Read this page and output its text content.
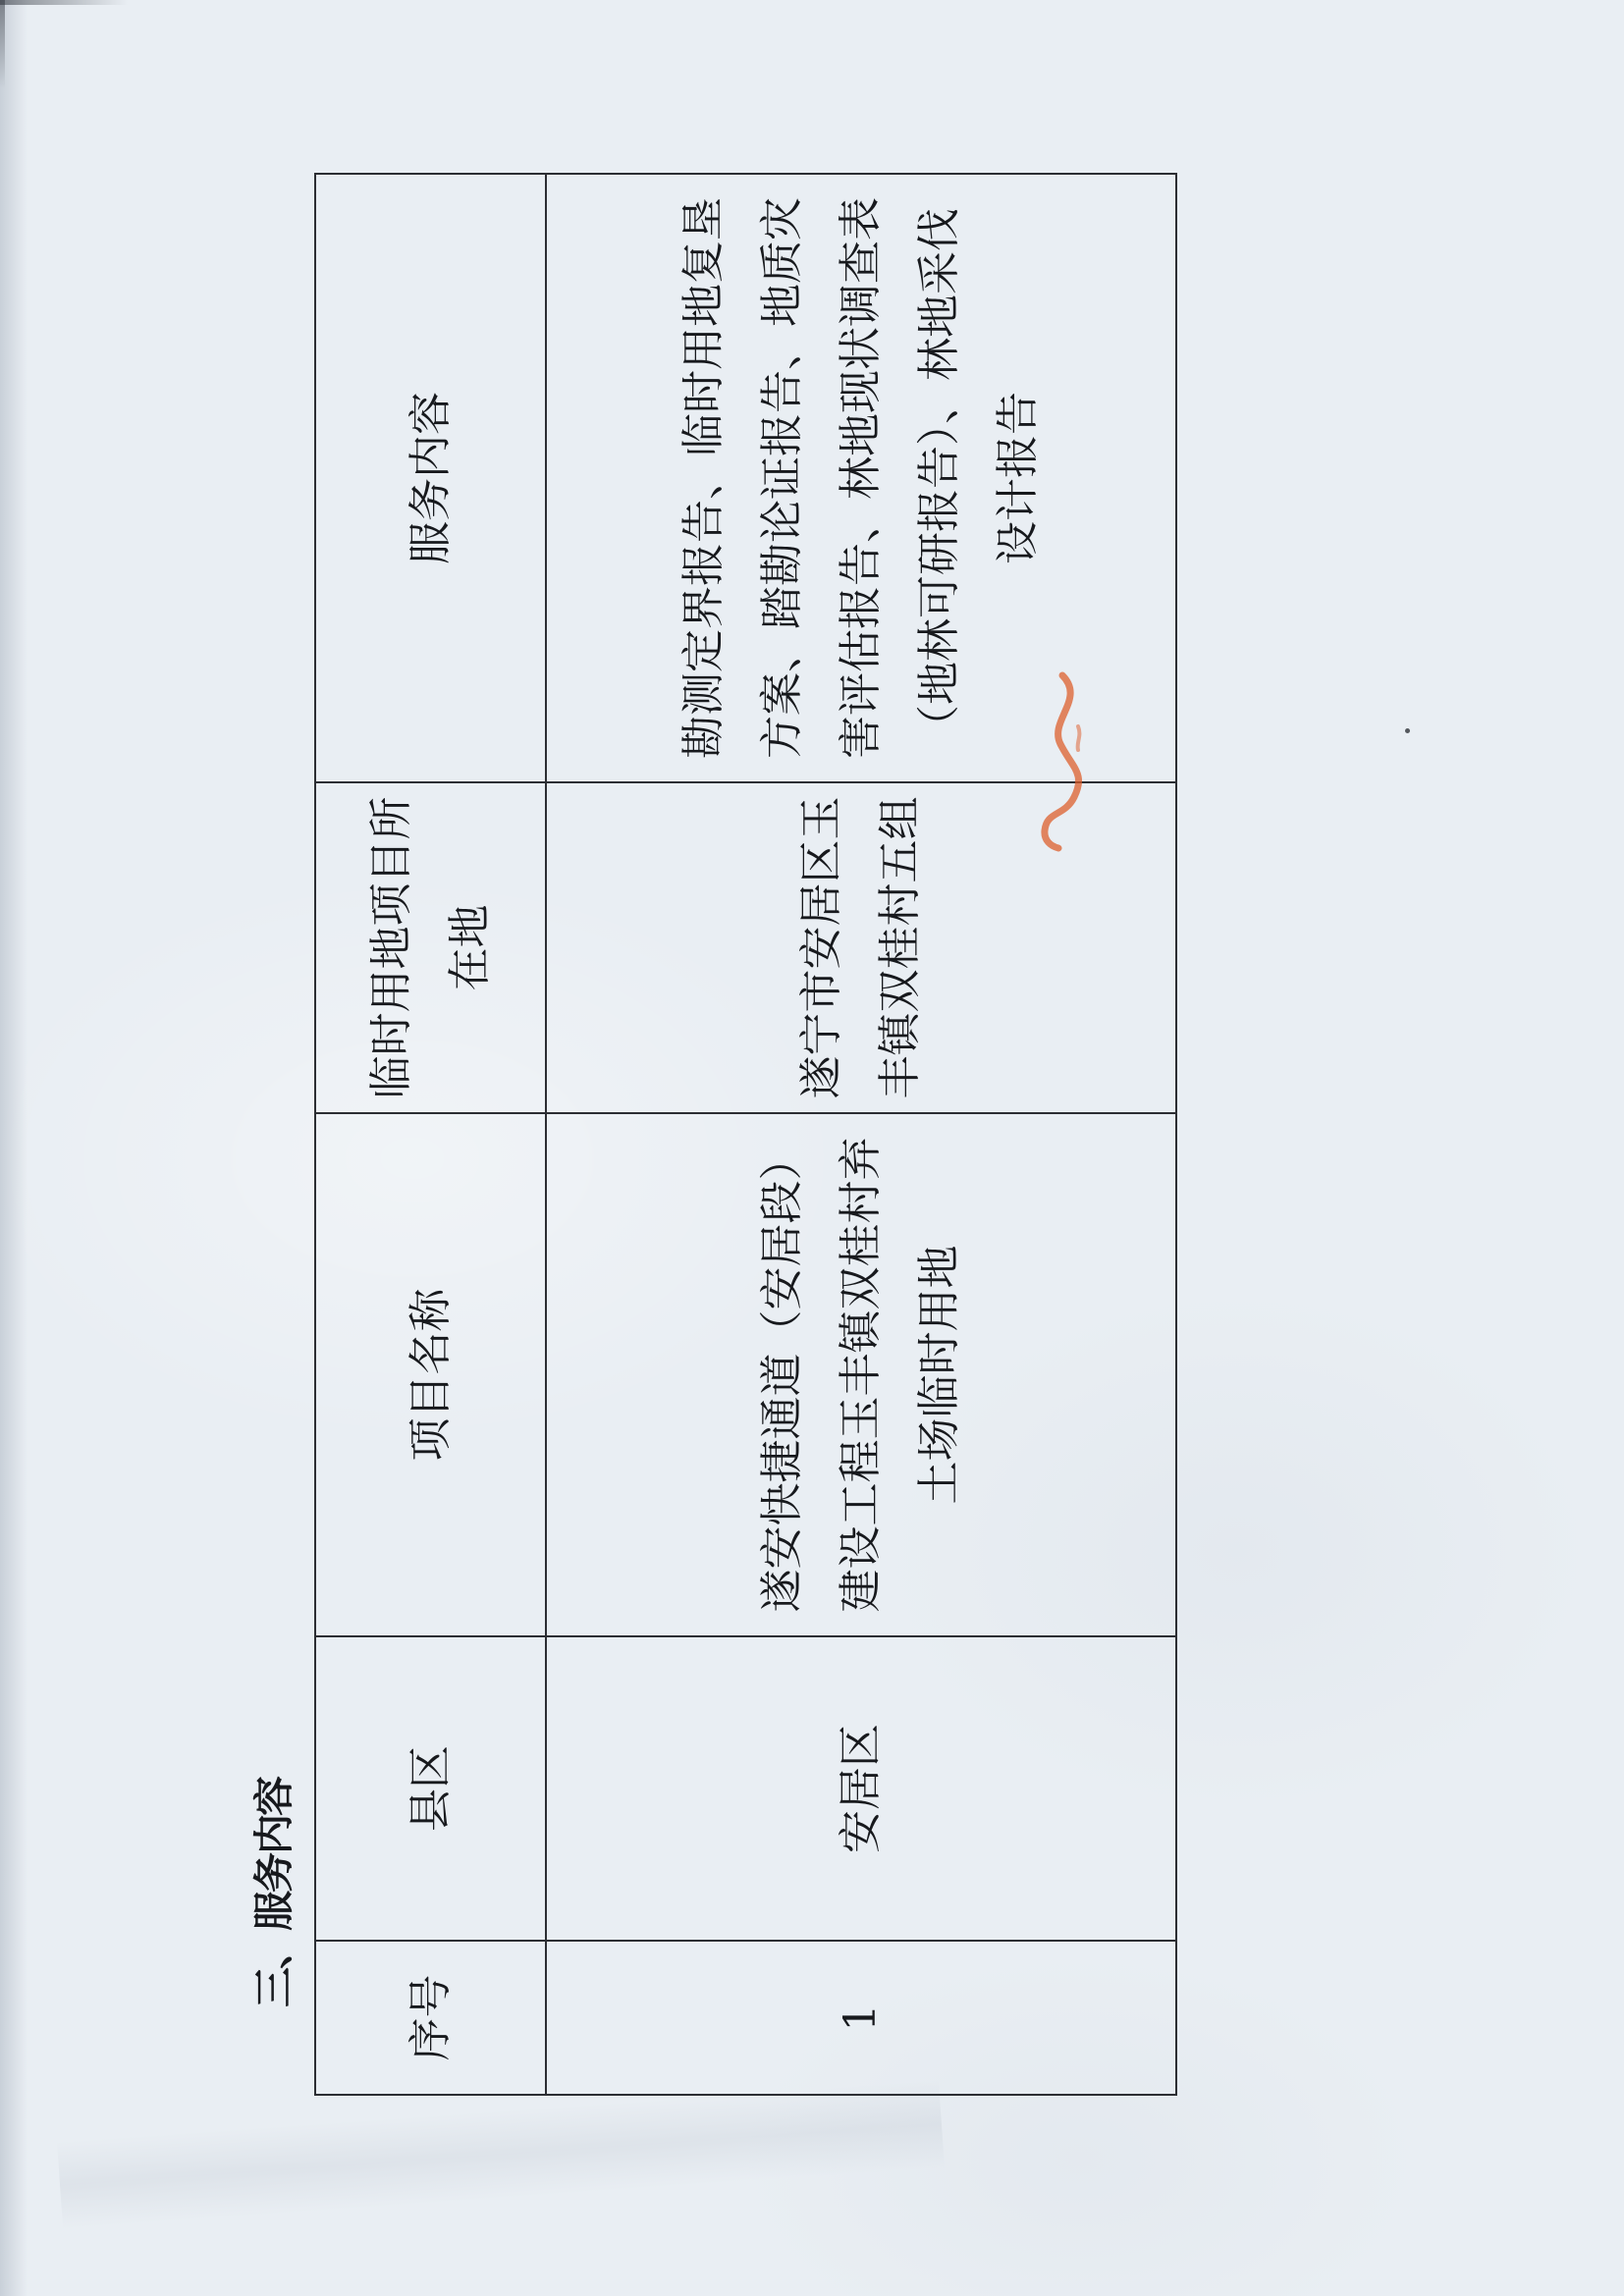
三、服务内容
序号
县区
项目名称
临时用地项目所 在地
服务内容
1
安居区
遂安快捷通道（安居段） 建设工程玉丰镇双桂村弃 土场临时用地
遂宁市安居区玉 丰镇双桂村五组
勘测定界报告、临时用地复垦 方案、踏勘论证报告、地质灾 害评估报告、林地现状调查表 （地林可研报告）、林地采伐 设计报告
